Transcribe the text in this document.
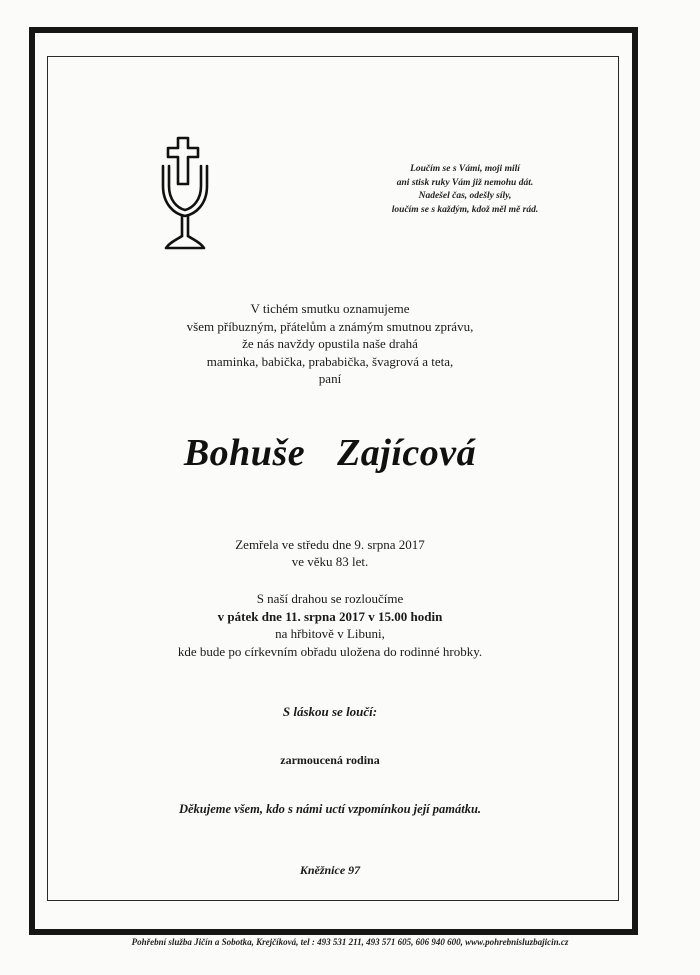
Loučím se s Vámi, moji milí
ani stisk ruky Vám již nemohu dát.
Nadešel čas, odešly síly,
loučím se s každým, kdož měl mě rád.
V tichém smutku oznamujeme
všem příbuzným, přátelům a známým smutnou zprávu,
že nás navždy opustila naše drahá
maminka, babička, prababička, švagrová a teta,
paní
Bohuše  Zajícová
Zemřela ve středu dne 9. srpna 2017
ve věku 83 let.
S naší drahou se rozloučíme
v pátek dne 11. srpna 2017 v 15.00 hodin
na hřbitově v Libuni,
kde bude po církevním obřadu uložena do rodinné hrobky.
S láskou se loučí:
zarmoucená rodina
Děkujeme všem, kdo s námi uctí vzpomínkou její památku.
Kněžnice 97
Pohřební služba Jičín a Sobotka, Krejčíková, tel : 493 531 211, 493 571 605, 606 940 600, www.pohrebnisluzbajicin.cz
